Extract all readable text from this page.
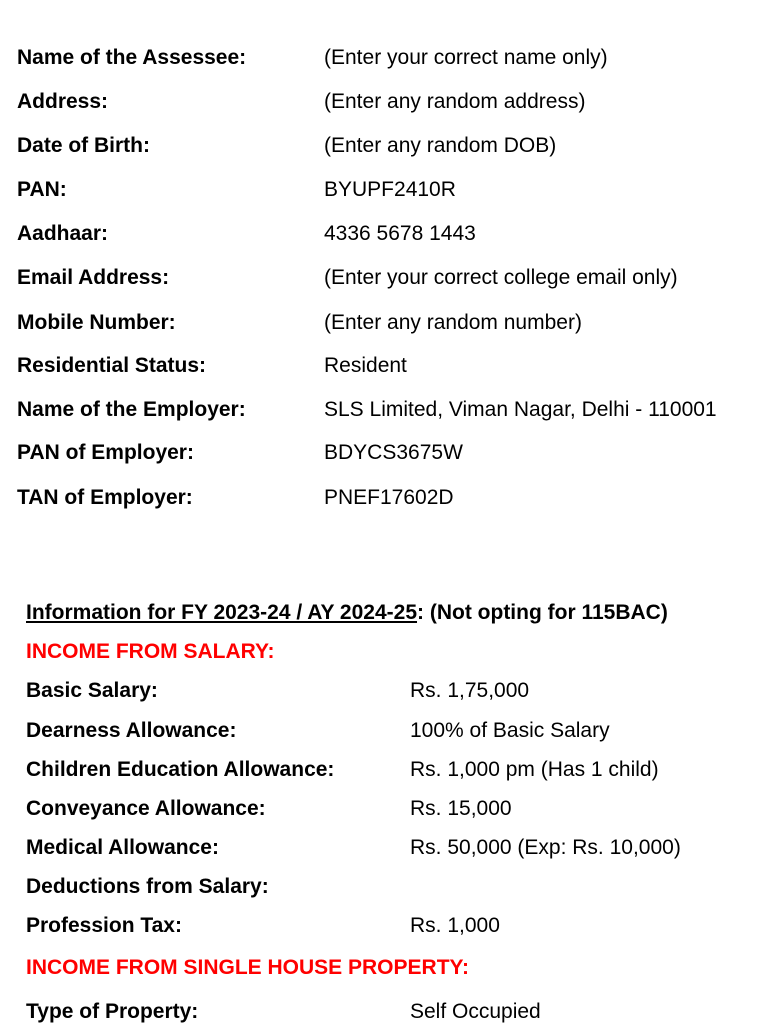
Name of the Assessee:	(Enter your correct name only)
Address:	(Enter any random address)
Date of Birth:	(Enter any random DOB)
PAN:	BYUPF2410R
Aadhaar:	4336 5678 1443
Email Address:	(Enter your correct college email only)
Mobile Number:	(Enter any random number)
Residential Status:	Resident
Name of the Employer:	SLS Limited, Viman Nagar, Delhi - 110001
PAN of Employer:	BDYCS3675W
TAN of Employer:	PNEF17602D
Information for FY 2023-24 / AY 2024-25: (Not opting for 115BAC)
INCOME FROM SALARY:
Basic Salary:	Rs. 1,75,000
Dearness Allowance:	100% of Basic Salary
Children Education Allowance:	Rs. 1,000 pm (Has 1 child)
Conveyance Allowance:	Rs. 15,000
Medical Allowance:	Rs. 50,000 (Exp: Rs. 10,000)
Deductions from Salary:
Profession Tax:	Rs. 1,000
INCOME FROM SINGLE HOUSE PROPERTY:
Type of Property:	Self Occupied
